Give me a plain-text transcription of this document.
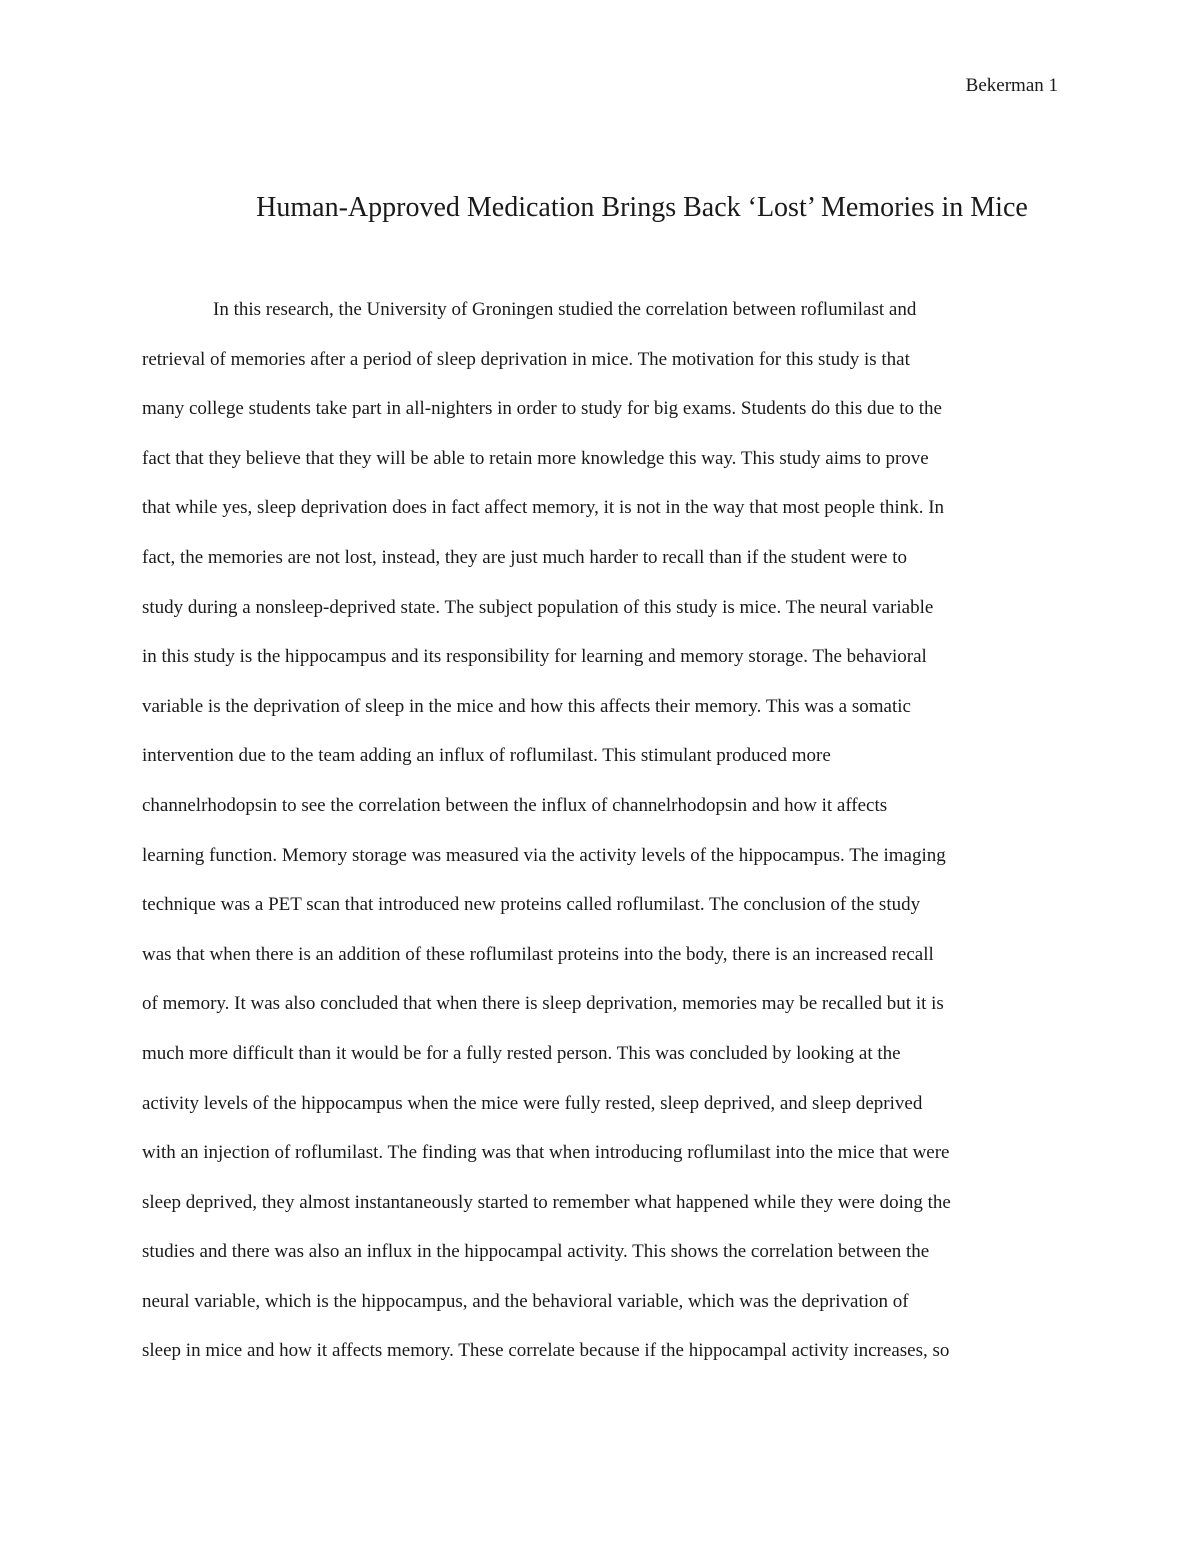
Bekerman 1
Human-Approved Medication Brings Back ‘Lost’ Memories in Mice
In this research, the University of Groningen studied the correlation between roflumilast and
retrieval of memories after a period of sleep deprivation in mice. The motivation for this study is that
many college students take part in all-nighters in order to study for big exams. Students do this due to the
fact that they believe that they will be able to retain more knowledge this way. This study aims to prove
that while yes, sleep deprivation does in fact affect memory, it is not in the way that most people think. In
fact, the memories are not lost, instead, they are just much harder to recall than if the student were to
study during a nonsleep-deprived state. The subject population of this study is mice. The neural variable
in this study is the hippocampus and its responsibility for learning and memory storage. The behavioral
variable is the deprivation of sleep in the mice and how this affects their memory. This was a somatic
intervention due to the team adding an influx of roflumilast. This stimulant produced more
channelrhodopsin to see the correlation between the influx of channelrhodopsin and how it affects
learning function. Memory storage was measured via the activity levels of the hippocampus. The imaging
technique was a PET scan that introduced new proteins called roflumilast. The conclusion of the study
was that when there is an addition of these roflumilast proteins into the body, there is an increased recall
of memory. It was also concluded that when there is sleep deprivation, memories may be recalled but it is
much more difficult than it would be for a fully rested person. This was concluded by looking at the
activity levels of the hippocampus when the mice were fully rested, sleep deprived, and sleep deprived
with an injection of roflumilast. The finding was that when introducing roflumilast into the mice that were
sleep deprived, they almost instantaneously started to remember what happened while they were doing the
studies and there was also an influx in the hippocampal activity. This shows the correlation between the
neural variable, which is the hippocampus, and the behavioral variable, which was the deprivation of
sleep in mice and how it affects memory. These correlate because if the hippocampal activity increases, so
